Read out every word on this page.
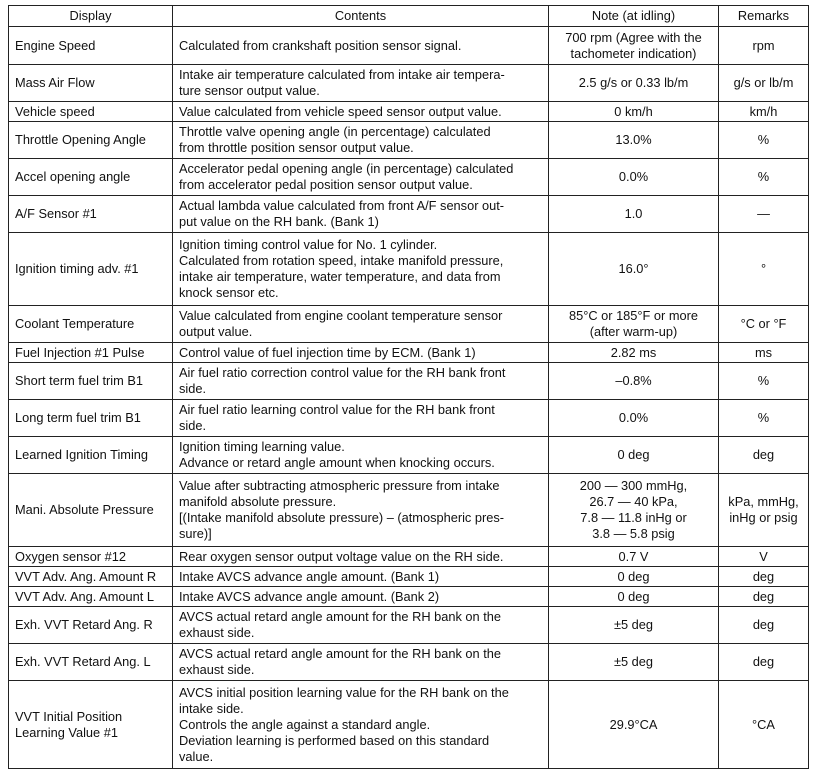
Display	Contents	Note (at idling)	Remarks
Engine Speed	Calculated from crankshaft position sensor signal.	700 rpm (Agree with the
tachometer indication)	rpm
Mass Air Flow	Intake air temperature calculated from intake air tempera-
ture sensor output value.	2.5 g/s or 0.33 lb/m	g/s or lb/m
Vehicle speed	Value calculated from vehicle speed sensor output value.	0 km/h	km/h
Throttle Opening Angle	Throttle valve opening angle (in percentage) calculated
from throttle position sensor output value.	13.0%	%
Accel opening angle	Accelerator pedal opening angle (in percentage) calculated
from accelerator pedal position sensor output value.	0.0%	%
A/F Sensor #1	Actual lambda value calculated from front A/F sensor out-
put value on the RH bank. (Bank 1)	1.0	—
Ignition timing adv. #1	Ignition timing control value for No. 1 cylinder.
Calculated from rotation speed, intake manifold pressure,
intake air temperature, water temperature, and data from
knock sensor etc.	16.0°	°
Coolant Temperature	Value calculated from engine coolant temperature sensor
output value.	85°C or 185°F or more
(after warm-up)	°C or °F
Fuel Injection #1 Pulse	Control value of fuel injection time by ECM. (Bank 1)	2.82 ms	ms
Short term fuel trim B1	Air fuel ratio correction control value for the RH bank front
side.	–0.8%	%
Long term fuel trim B1	Air fuel ratio learning control value for the RH bank front
side.	0.0%	%
Learned Ignition Timing	Ignition timing learning value.
Advance or retard angle amount when knocking occurs.	0 deg	deg
Mani. Absolute Pressure	Value after subtracting atmospheric pressure from intake
manifold absolute pressure.
[(Intake manifold absolute pressure) – (atmospheric pres-
sure)]	200 — 300 mmHg,
26.7 — 40 kPa,
7.8 — 11.8 inHg or
3.8 — 5.8 psig	kPa, mmHg,
inHg or psig
Oxygen sensor #12	Rear oxygen sensor output voltage value on the RH side.	0.7 V	V
VVT Adv. Ang. Amount R	Intake AVCS advance angle amount. (Bank 1)	0 deg	deg
VVT Adv. Ang. Amount L	Intake AVCS advance angle amount. (Bank 2)	0 deg	deg
Exh. VVT Retard Ang. R	AVCS actual retard angle amount for the RH bank on the
exhaust side.	±5 deg	deg
Exh. VVT Retard Ang. L	AVCS actual retard angle amount for the RH bank on the
exhaust side.	±5 deg	deg
VVT Initial Position
Learning Value #1	AVCS initial position learning value for the RH bank on the
intake side.
Controls the angle against a standard angle.
Deviation learning is performed based on this standard
value.	29.9°CA	°CA
